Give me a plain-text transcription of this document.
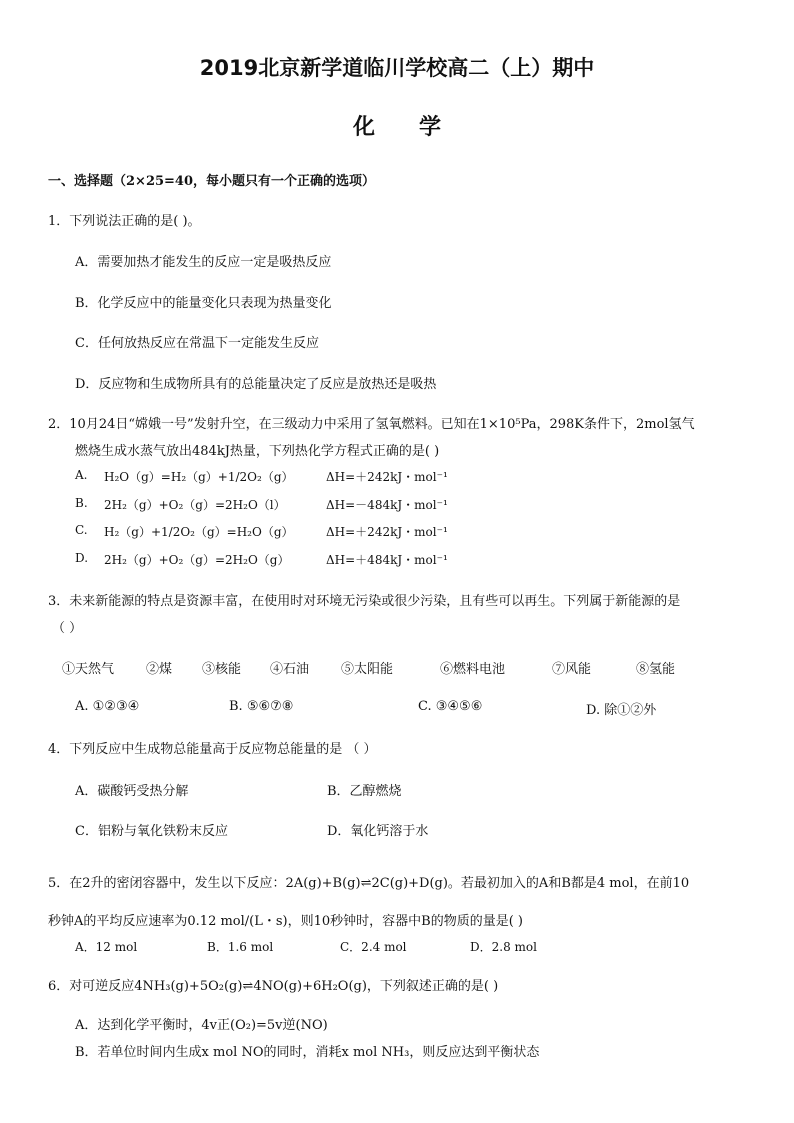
2019北京新学道临川学校高二（上）期中
化　　学
一、选择题（2×25=40，每小题只有一个正确的选项）
1．下列说法正确的是( )。
A．需要加热才能发生的反应一定是吸热反应
B．化学反应中的能量变化只表现为热量变化
C．任何放热反应在常温下一定能发生反应
D．反应物和生成物所具有的总能量决定了反应是放热还是吸热
2．10月24日“嫦娥一号”发射升空，在三级动力中采用了氢氧燃料。已知在1×10⁵Pa，298K条件下，2mol氢气
燃烧生成水蒸气放出484kJ热量，下列热化学方程式正确的是( )
A. H₂O（g）=H₂（g）+1/2O₂（g）	ΔH=＋242kJ・mol⁻¹
B. 2H₂（g）+O₂（g）=2H₂O（l）	ΔH=－484kJ・mol⁻¹
C. H₂（g）+1/2O₂（g）=H₂O（g）	ΔH=＋242kJ・mol⁻¹
D. 2H₂（g）+O₂（g）=2H₂O（g）	ΔH=＋484kJ・mol⁻¹
3．未来新能源的特点是资源丰富，在使用时对环境无污染或很少污染，且有些可以再生。下列属于新能源的是
（ ）
①天然气 ②煤 ③核能 ④石油 ⑤太阳能	⑥燃料电池	⑦风能	⑧氢能
A. ①②③④	B. ⑤⑥⑦⑧	C. ③④⑤⑥	D. 除①②外
4．下列反应中生成物总能量高于反应物总能量的是 （ ）
A．碳酸钙受热分解	B．乙醇燃烧
C．铝粉与氧化铁粉末反应	D．氧化钙溶于水
5．在2升的密闭容器中，发生以下反应：2A(g)+B(g)⇌2C(g)+D(g)。若最初加入的A和B都是4 mol，在前10
秒钟A的平均反应速率为0.12 mol/(L・s)，则10秒钟时，容器中B的物质的量是( )
A．12 mol	B．1.6 mol	C．2.4 mol	D．2.8 mol
6．对可逆反应4NH₃(g)+5O₂(g)⇌4NO(g)+6H₂O(g)，下列叙述正确的是( )
A．达到化学平衡时，4v正(O₂)=5v逆(NO)
B．若单位时间内生成x mol NO的同时，消耗x mol NH₃，则反应达到平衡状态
